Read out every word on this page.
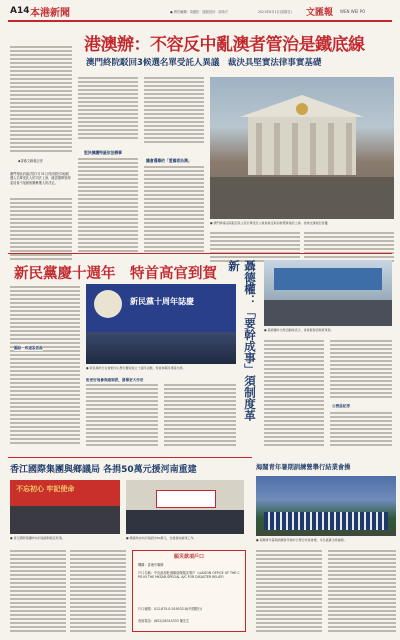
A14 本港新聞	● 責任編輯：黃健松　版面設計：周伟兴	2021年8月1日(星期日) 文匯報 WEN WEI PO
◆香港文匯報記者
澳門特區終審法院7月31日判決駁回3組候選人名單受託人的司法上訴，確認選舉管理委員會不接納相關參選人的決定。
港澳辦：不容反中亂澳者管治是鐵底線
澳門終院駁回3候選名單受託人異議　裁決具堅實法律事實基礎
堅決擁護特區依法辦事
議會選舉的「愛國者治澳」
● 澳門終審法院駁回民主派名單受託人就被裁定取消參選資格的上訴。香港文匯報記者攝
新民黨慶十週年　特首高官到賀
團結一致建設香港
新民黨十周年誌慶
● 新民黨昨日在會展中心舉行慶祝成立十週年活動，特首林鄭月娥等出席。
盼更好地參與建制派，發揮更大作用	聶德權：「要幹成事」須制度革新
● 聶德權昨出席活動時表示，香港發展需制度革新。
公務員紀律
香江國際集團與鄉議局 各捐50萬元援河南重建
不忘初心 牢記使命
● 香江國際集團昨向河南捐助賑災款項。	● 鄉議局亦向河南捐出50萬元，支援當地重建工作。
賑災款項戶口
機構：香港中聯辦
戶口名稱：中央政府駐港聯絡辦賑災專戶（LIAISON OFFICE OF THE CPG IN THE HKSAR-SPECIAL A/C FOR DISASTER RELIEF）
戶口號碼：012-875-0-019532-8(中國銀行)
查詢電話：(852)28314333 陳先生
海闊青年暑期訓練營舉行結業會操
● 海闊青年暑期訓練營學員昨日舉行結業會操，多名嘉賓出席檢閱。
